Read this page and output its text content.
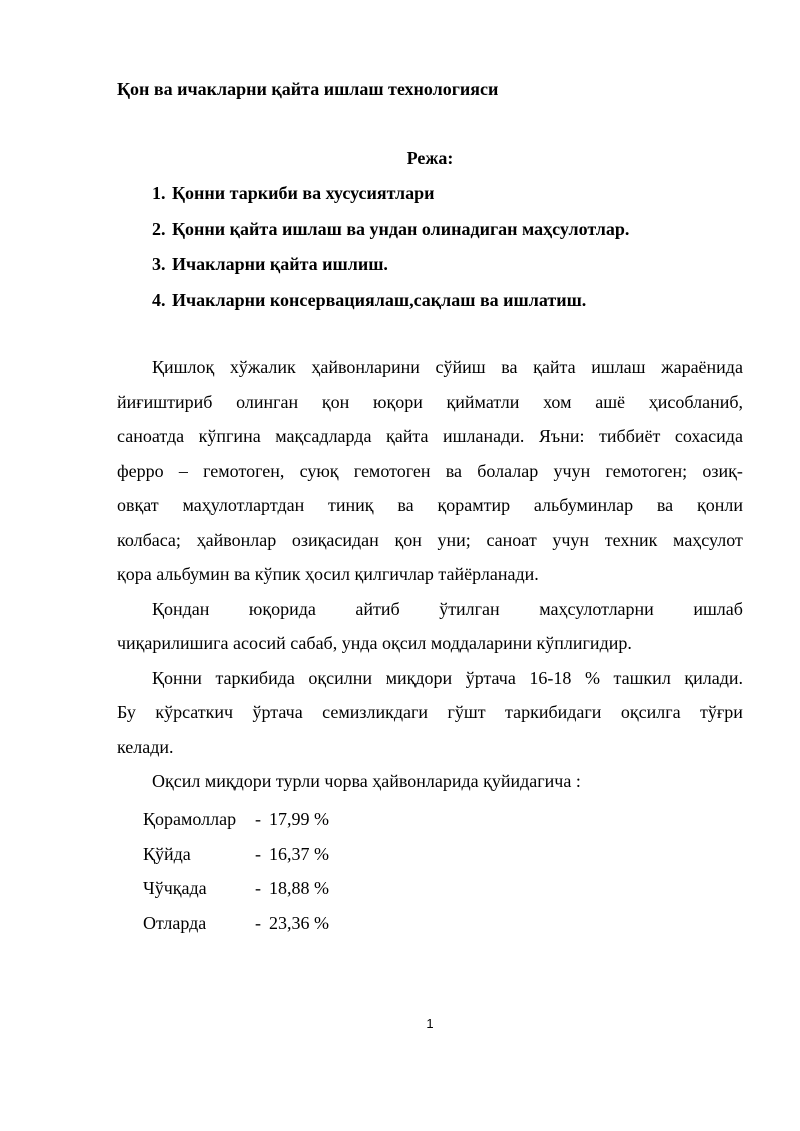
Қон ва ичакларни қайта ишлаш технологияси
Режа:
1. Қонни таркиби ва хусусиятлари
2. Қонни қайта ишлаш ва ундан олинадиган маҳсулотлар.
3. Ичакларни қайта ишлиш.
4. Ичакларни консервациялаш,сақлаш ва ишлатиш.

Қишлоқ хўжалик ҳайвонларини сўйиш ва қайта ишлаш жараёнида
йиғиштириб олинган қон юқори қийматли хом ашё ҳисобланиб,
саноатда кўпгина мақсадларда қайта ишланади. Яъни: тиббиёт сохасида
ферро – гемотоген, суюқ гемотоген ва болалар учун гемотоген; озиқ-
овқат маҳулотлартдан тиниқ ва қорамтир альбуминлар ва қонли
колбаса; ҳайвонлар озиқасидан қон уни; саноат учун техник маҳсулот
қора альбумин ва кўпик ҳосил қилгичлар тайёрланади.

Қондан юқорида айтиб ўтилган маҳсулотларни ишлаб
чиқарилишига асосий сабаб, унда оқсил моддаларини кўплигидир.

Қонни таркибида оқсилни миқдори ўртача 16-18 % ташкил қилади.
Бу кўрсаткич ўртача семизликдаги гўшт таркибидаги оқсилга тўғри
келади.

Оқсил миқдори турли чорва ҳайвонларида қуйидагича :

Қорамоллар	- 17,99 %
Қўйда	- 16,37 %
Чўчқада	- 18,88 %
Отларда	- 23,36 %
1
